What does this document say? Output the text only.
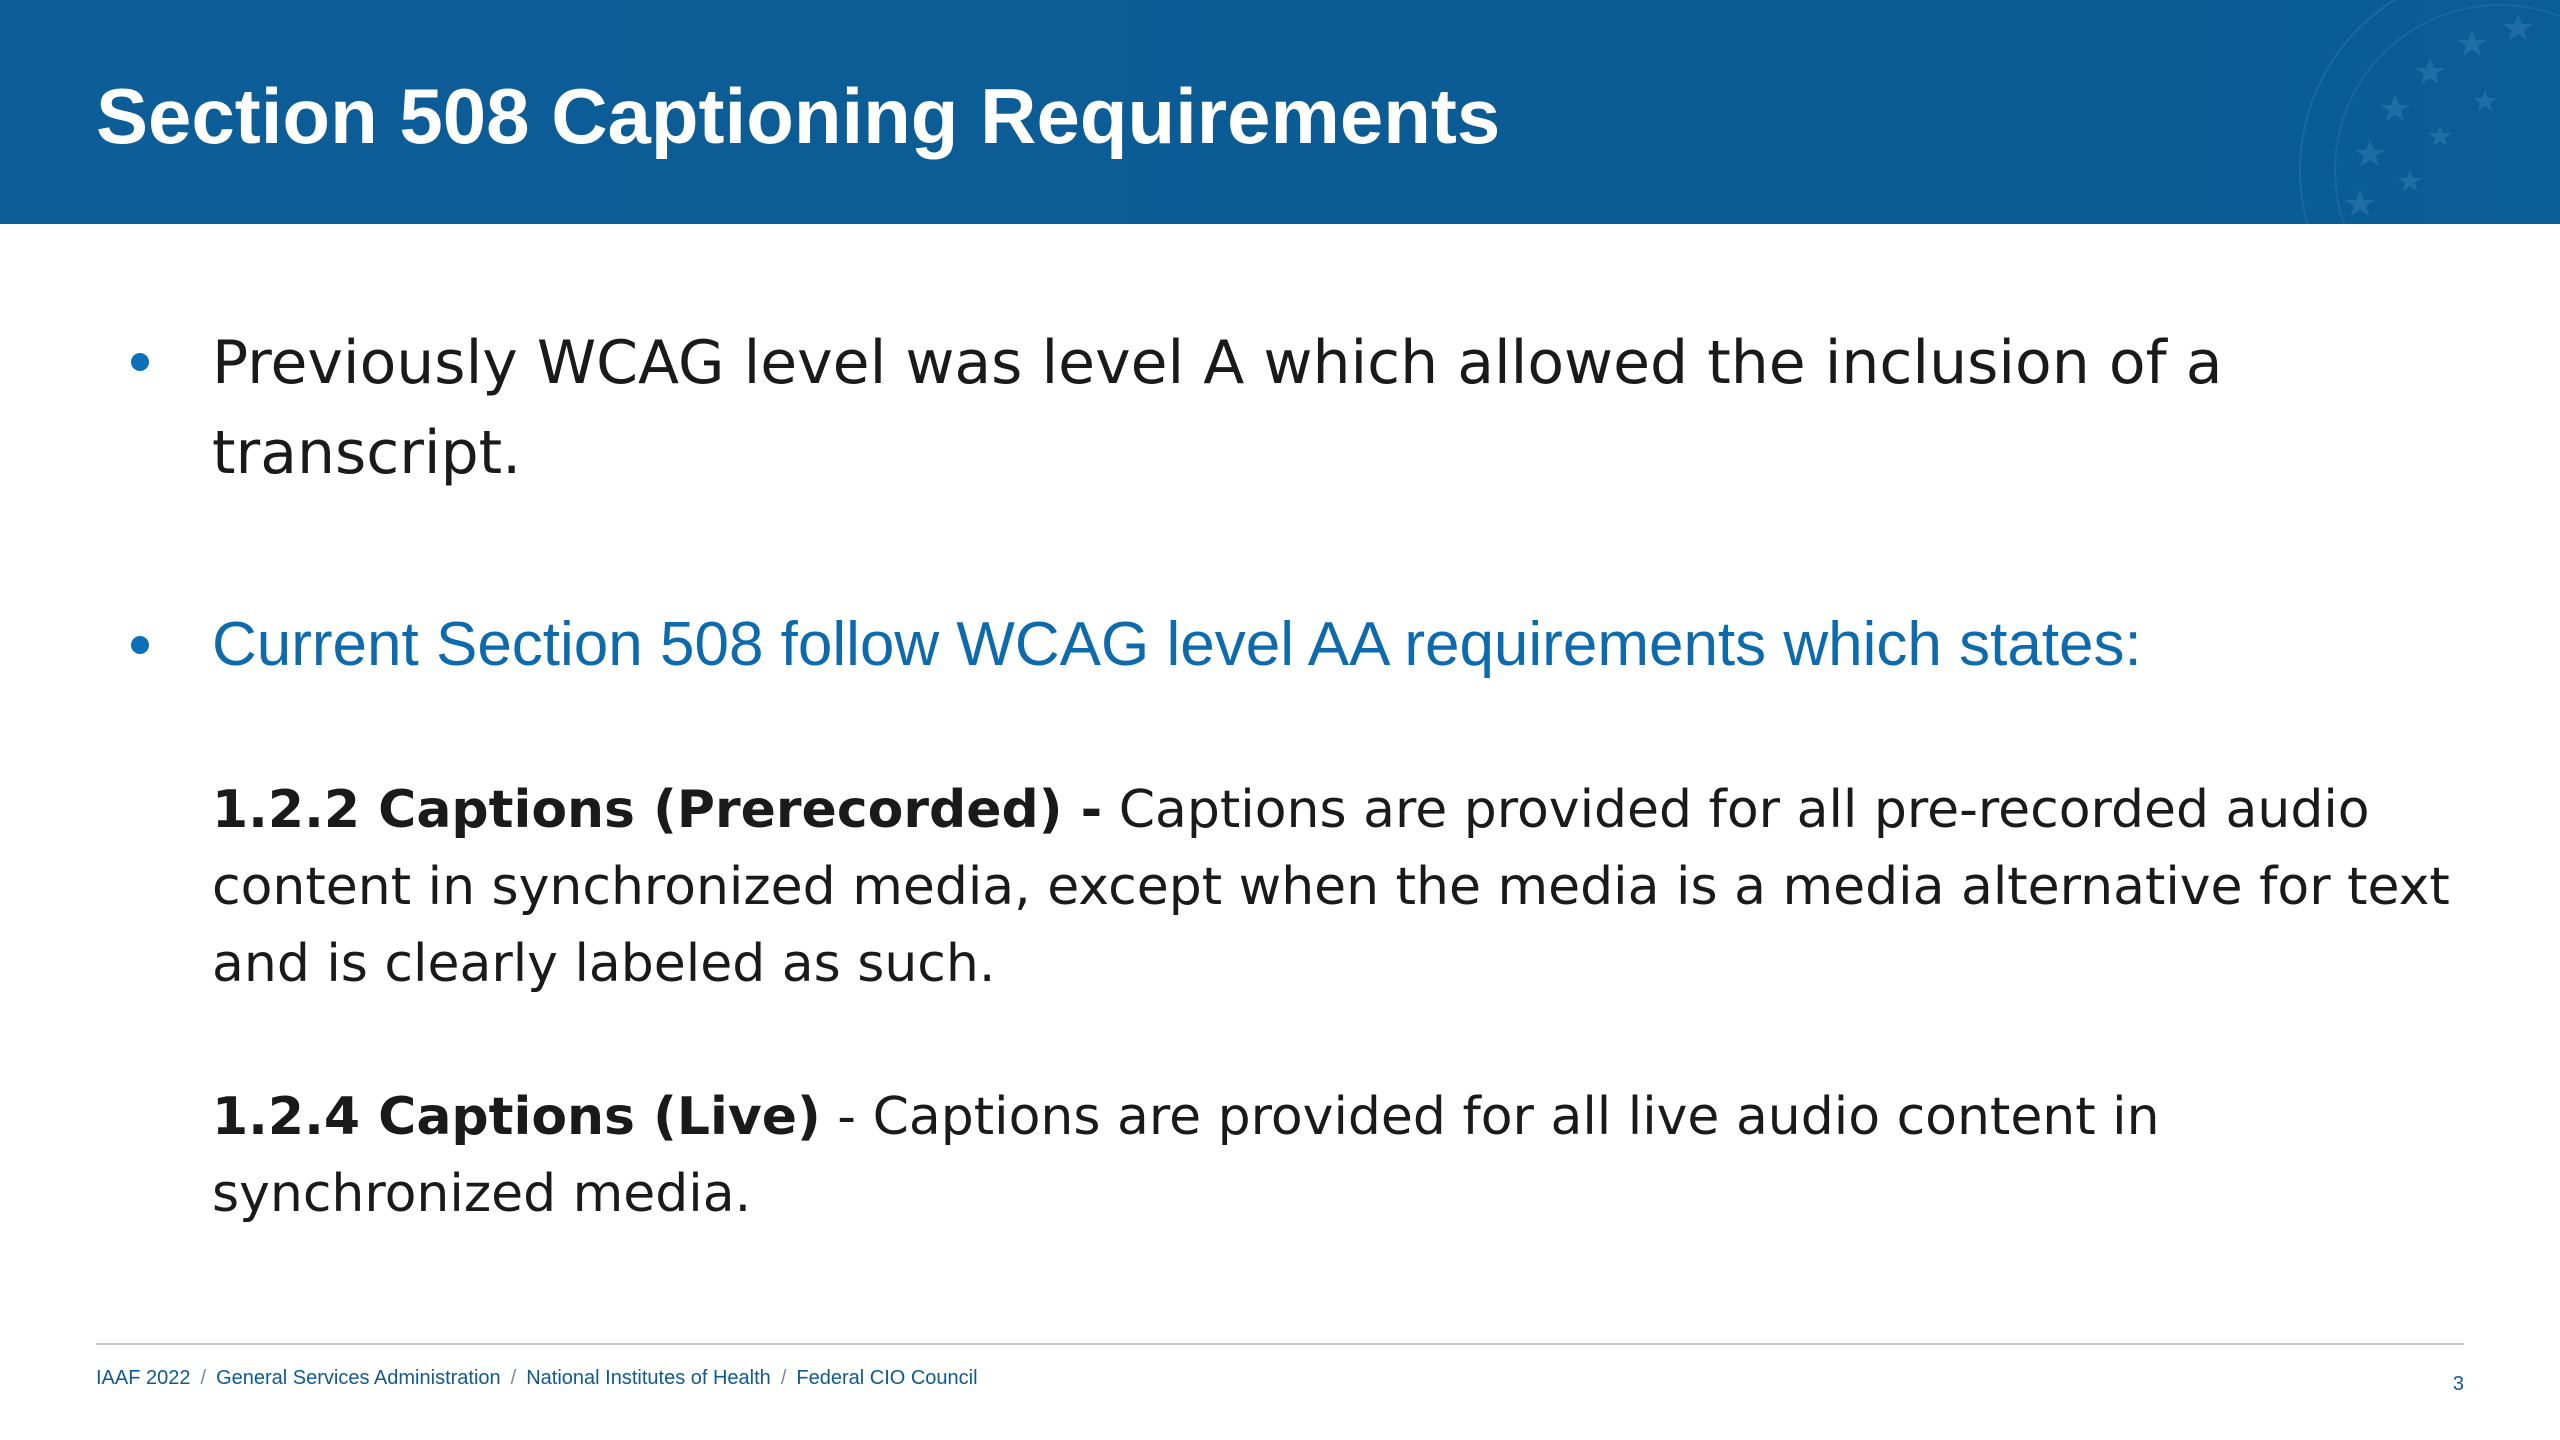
Section 508 Captioning Requirements

Previously WCAG level was level A which allowed the inclusion of a transcript.

Current Section 508 follow WCAG level AA requirements which states:

1.2.2 Captions (Prerecorded) - Captions are provided for all pre-recorded audio content in synchronized media, except when the media is a media alternative for text and is clearly labeled as such.

1.2.4 Captions (Live) - Captions are provided for all live audio content in synchronized media.

IAAF 2022 / General Services Administration / National Institutes of Health / Federal CIO Council	3
